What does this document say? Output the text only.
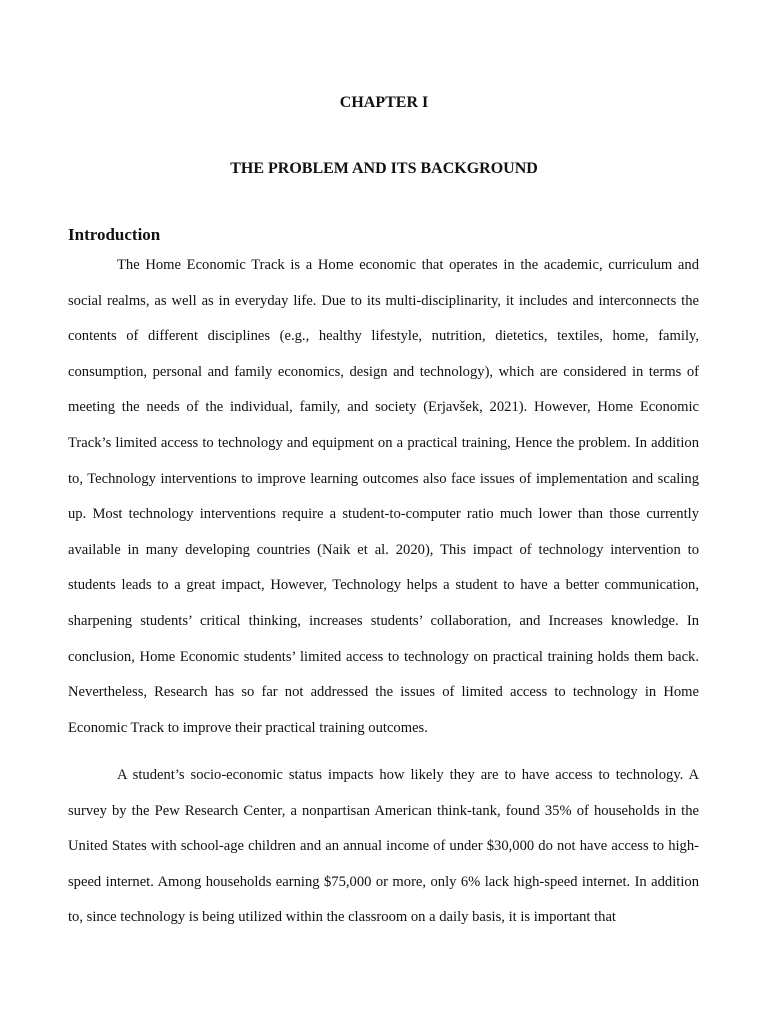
CHAPTER I
THE PROBLEM AND ITS BACKGROUND
Introduction

The Home Economic Track is a Home economic that operates in the academic, curriculum and social realms, as well as in everyday life. Due to its multi-disciplinarity, it includes and interconnects the contents of different disciplines (e.g., healthy lifestyle, nutrition, dietetics, textiles, home, family, consumption, personal and family economics, design and technology), which are considered in terms of meeting the needs of the individual, family, and society (Erjavšek, 2021). However, Home Economic Track’s limited access to technology and equipment on a practical training, Hence the problem. In addition to, Technology interventions to improve learning outcomes also face issues of implementation and scaling up. Most technology interventions require a student-to-computer ratio much lower than those currently available in many developing countries (Naik et al. 2020), This impact of technology intervention to students leads to a great impact, However, Technology helps a student to have a better communication, sharpening students’ critical thinking, increases students’ collaboration, and Increases knowledge. In conclusion, Home Economic students’ limited access to technology on practical training holds them back. Nevertheless, Research has so far not addressed the issues of limited access to technology in Home Economic Track to improve their practical training outcomes.

A student’s socio-economic status impacts how likely they are to have access to technology. A survey by the Pew Research Center, a nonpartisan American think-tank, found 35% of households in the United States with school-age children and an annual income of under $30,000 do not have access to high-speed internet. Among households earning $75,000 or more, only 6% lack high-speed internet. In addition to, since technology is being utilized within the classroom on a daily basis, it is important that
